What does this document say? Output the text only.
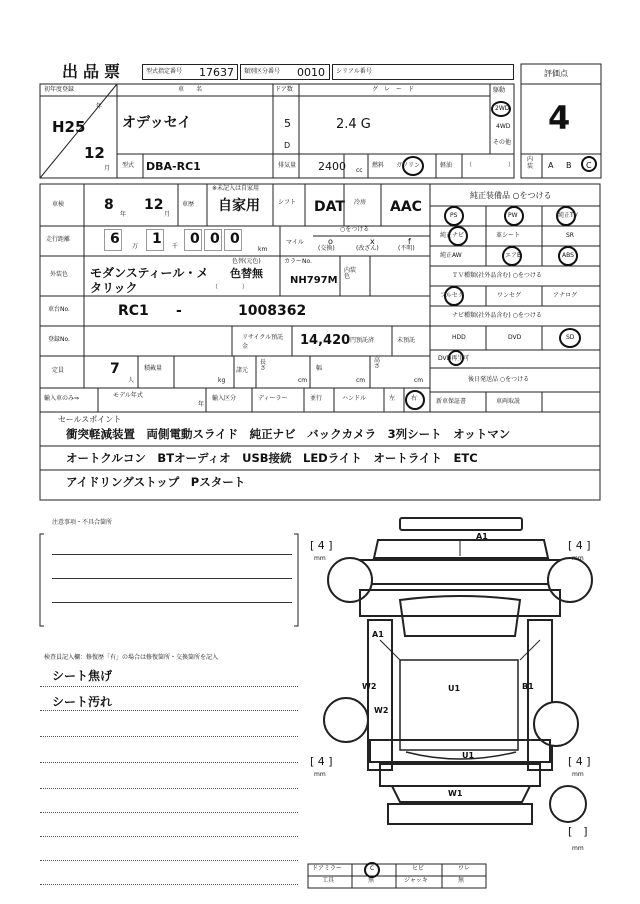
出品票	型式指定番号 17637 類別区分番号 0010 シリアル番号	評価点
4
初年度登録
年
H25
12
月
車　　名
オデッセイ
ドア数
5
D
グ　レ　ー　ド
2.4 G
駆動
2WD
4WD
その他
型式 DBA-RC1	排気量 2400 cc
燃料 ガソリン	軽油 （	）
内装 A B C
車検	8
年
12
月
車歴
※未記入は自家用
自家用	シフト DAT 冷房 AAC
走行距離	6 万 1 千 0 0 0
km
マイル
○をつける
ο	x	f
(交換)	(改ざん)	(不明)
外装色 モダンスティール・メタリック
色替(元色)
色替無
（　　　　）
カラーNo.
NH797M
内装色
車台No.	RC1 -	1008362
登録No.	リサイクル預託金	14,420 円預託済	未預託
定員	7
人
積載量
kg
諸元
長さ
cm
幅
cm
高さ
cm
輸入車のみ⇒	モデル年式
年
輸入区分	ディーラー	並行	ハンドル	左	右
純正装備品 ○をつける
PS	PW	純正TV
純正ナビ	革シート	SR
純正AW	エアB	ABS
ＴＶ種類(社外品含む) ○をつける
フルセグ	ワンセグ	アナログ
ナビ種類(社外品含む) ○をつける
HDD	DVD	SD
DVD再生可
後日発送品 ○をつける
新車保証書	車両取説
セールスポイント
衝突軽減装置　両側電動スライド　純正ナビ　バックカメラ　3列シート　オットマン
オートクルコン　BTオーディオ　USB接続　LEDライト　オートライト　ETC
アイドリングストップ　Pスタート
注意事項・不具合箇所
検査員記入欄：修復歴「有」の場合は修復箇所・交換箇所を記入
シート焦げ
シート汚れ
[ 4 ]
mm
[ 4 ]
mm
[ 4 ]
mm
[ 4 ]
mm
[　]
mm
A1
A1
W2
W2
U1	B1
U1
W1
ドアミラー	C	ヒビ	ワレ
工具	無	ジャッキ	無
